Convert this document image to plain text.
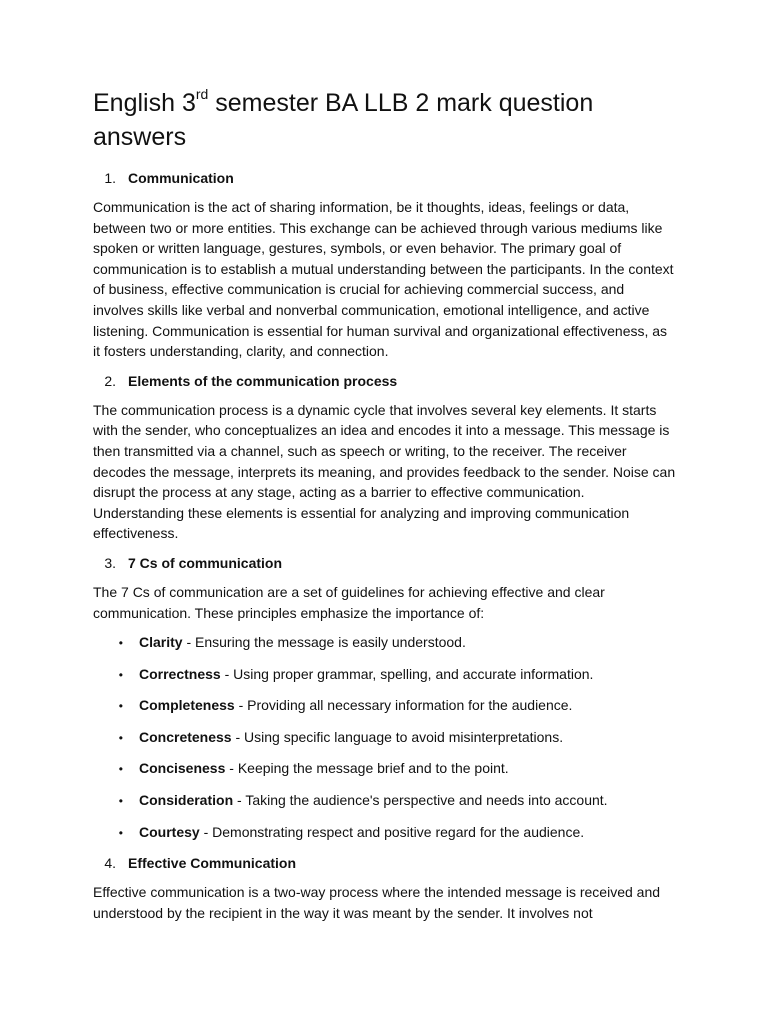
English 3rd semester BA LLB 2 mark question answers
1. Communication

Communication is the act of sharing information, be it thoughts, ideas, feelings or data, between two or more entities. This exchange can be achieved through various mediums like spoken or written language, gestures, symbols, or even behavior. The primary goal of communication is to establish a mutual understanding between the participants. In the context of business, effective communication is crucial for achieving commercial success, and involves skills like verbal and nonverbal communication, emotional intelligence, and active listening. Communication is essential for human survival and organizational effectiveness, as it fosters understanding, clarity, and connection.

2. Elements of the communication process

The communication process is a dynamic cycle that involves several key elements. It starts with the sender, who conceptualizes an idea and encodes it into a message. This message is then transmitted via a channel, such as speech or writing, to the receiver. The receiver decodes the message, interprets its meaning, and provides feedback to the sender. Noise can disrupt the process at any stage, acting as a barrier to effective communication. Understanding these elements is essential for analyzing and improving communication effectiveness.

3. 7 Cs of communication

The 7 Cs of communication are a set of guidelines for achieving effective and clear communication. These principles emphasize the importance of:

•	Clarity - Ensuring the message is easily understood.
•	Correctness - Using proper grammar, spelling, and accurate information.
•	Completeness - Providing all necessary information for the audience.
•	Concreteness - Using specific language to avoid misinterpretations.
•	Conciseness - Keeping the message brief and to the point.
•	Consideration - Taking the audience's perspective and needs into account.
•	Courtesy - Demonstrating respect and positive regard for the audience.
4. Effective Communication

Effective communication is a two-way process where the intended message is received and understood by the recipient in the way it was meant by the sender. It involves not
